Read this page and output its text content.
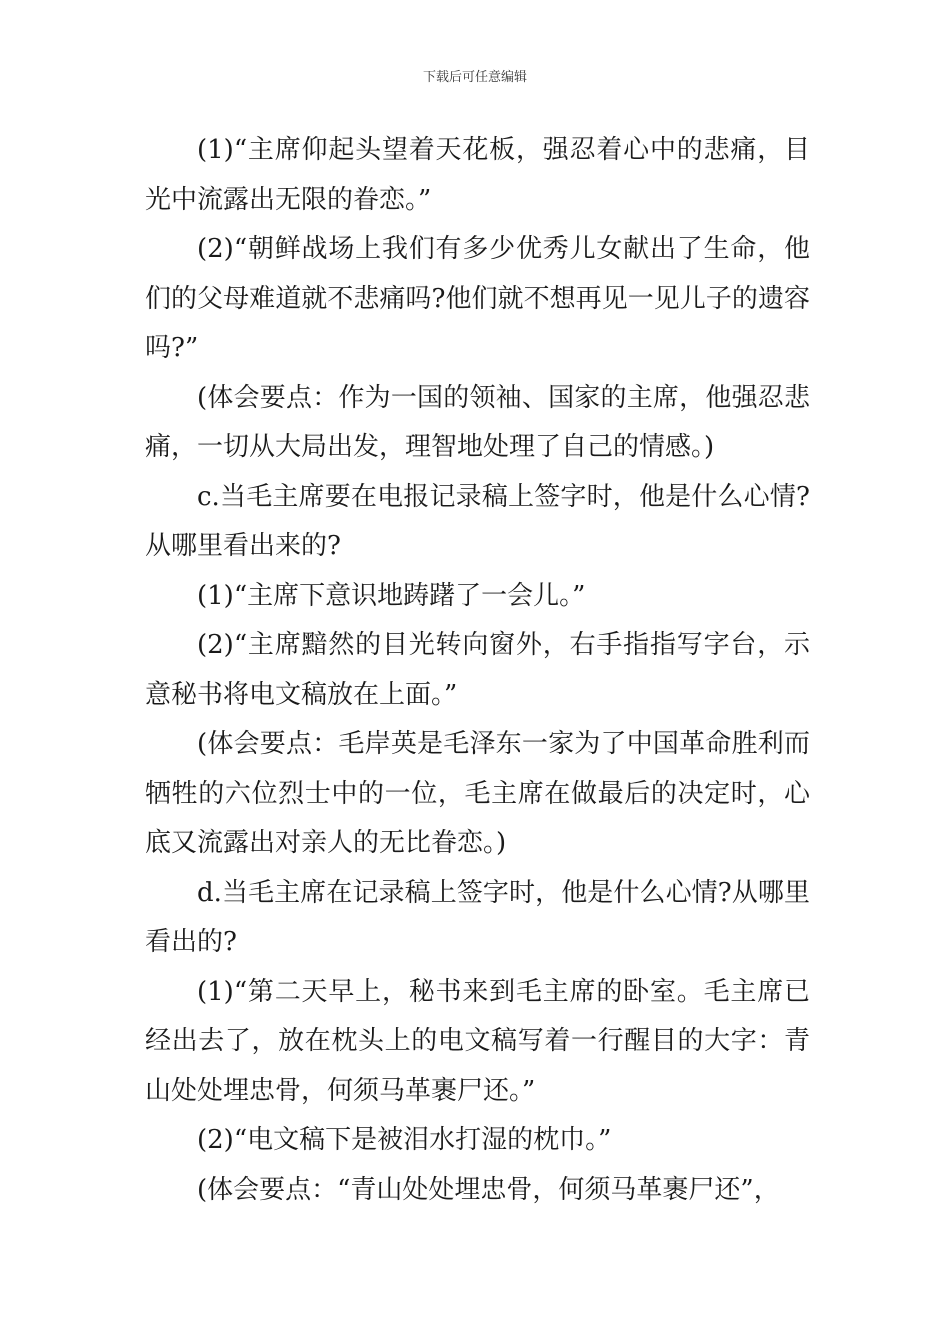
下载后可任意编辑

(1)“主席仰起头望着天花板，强忍着心中的悲痛，目光中流露出无限的眷恋。”

(2)“朝鲜战场上我们有多少优秀儿女献出了生命，他们的父母难道就不悲痛吗?他们就不想再见一见儿子的遗容吗?”

(体会要点：作为一国的领袖、国家的主席，他强忍悲痛，一切从大局出发，理智地处理了自己的情感。)

c.当毛主席要在电报记录稿上签字时，他是什么心情?从哪里看出来的?

(1)“主席下意识地踌躇了一会儿。”

(2)“主席黯然的目光转向窗外，右手指指写字台，示意秘书将电文稿放在上面。”

(体会要点：毛岸英是毛泽东一家为了中国革命胜利而牺牲的六位烈士中的一位，毛主席在做最后的决定时，心底又流露出对亲人的无比眷恋。)

d.当毛主席在记录稿上签字时，他是什么心情?从哪里看出的?

(1)“第二天早上，秘书来到毛主席的卧室。毛主席已经出去了，放在枕头上的电文稿写着一行醒目的大字：青山处处埋忠骨，何须马革裹尸还。”

(2)“电文稿下是被泪水打湿的枕巾。”

(体会要点：“青山处处埋忠骨，何须马革裹尸还”，
